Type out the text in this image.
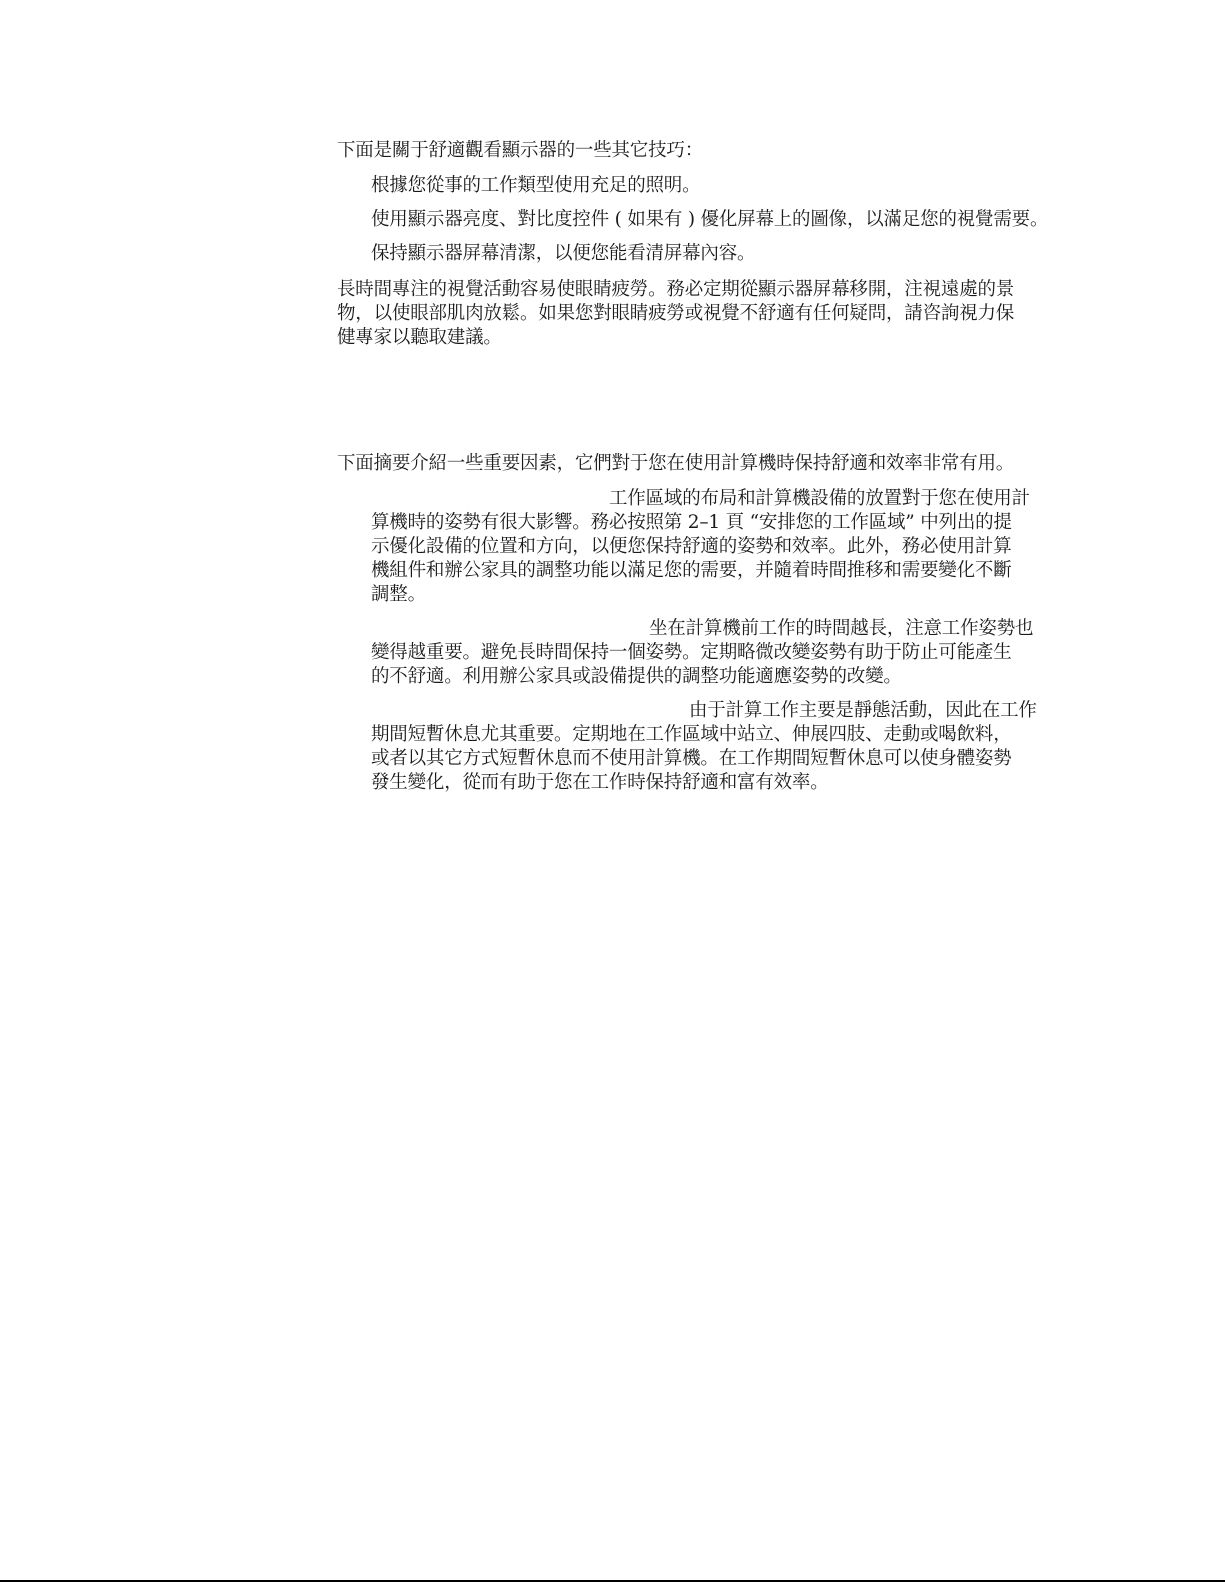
下面是關于舒適觀看顯示器的一些其它技巧：

根據您從事的工作類型使用充足的照明。

使用顯示器亮度、對比度控件 ( 如果有 ) 優化屏幕上的圖像，以滿足您的視覺需要。

保持顯示器屏幕清潔，以便您能看清屏幕內容。

長時間專注的視覺活動容易使眼睛疲勞。務必定期從顯示器屏幕移開，注視遠處的景
物，以使眼部肌肉放鬆。如果您對眼睛疲勞或視覺不舒適有任何疑問，請咨詢視力保
健專家以聽取建議。

下面摘要介紹一些重要因素，它們對于您在使用計算機時保持舒適和效率非常有用。

工作區域的布局和計算機設備的放置對于您在使用計
算機時的姿勢有很大影響。務必按照第 2–1 頁 “安排您的工作區域” 中列出的提
示優化設備的位置和方向，以便您保持舒適的姿勢和效率。此外，務必使用計算
機組件和辦公家具的調整功能以滿足您的需要，并隨着時間推移和需要變化不斷
調整。
坐在計算機前工作的時間越長，注意工作姿勢也
變得越重要。避免長時間保持一個姿勢。定期略微改變姿勢有助于防止可能產生
的不舒適。利用辦公家具或設備提供的調整功能適應姿勢的改變。
由于計算工作主要是靜態活動，因此在工作
期間短暫休息尤其重要。定期地在工作區域中站立、伸展四肢、走動或喝飲料，
或者以其它方式短暫休息而不使用計算機。在工作期間短暫休息可以使身體姿勢
發生變化，從而有助于您在工作時保持舒適和富有效率。
